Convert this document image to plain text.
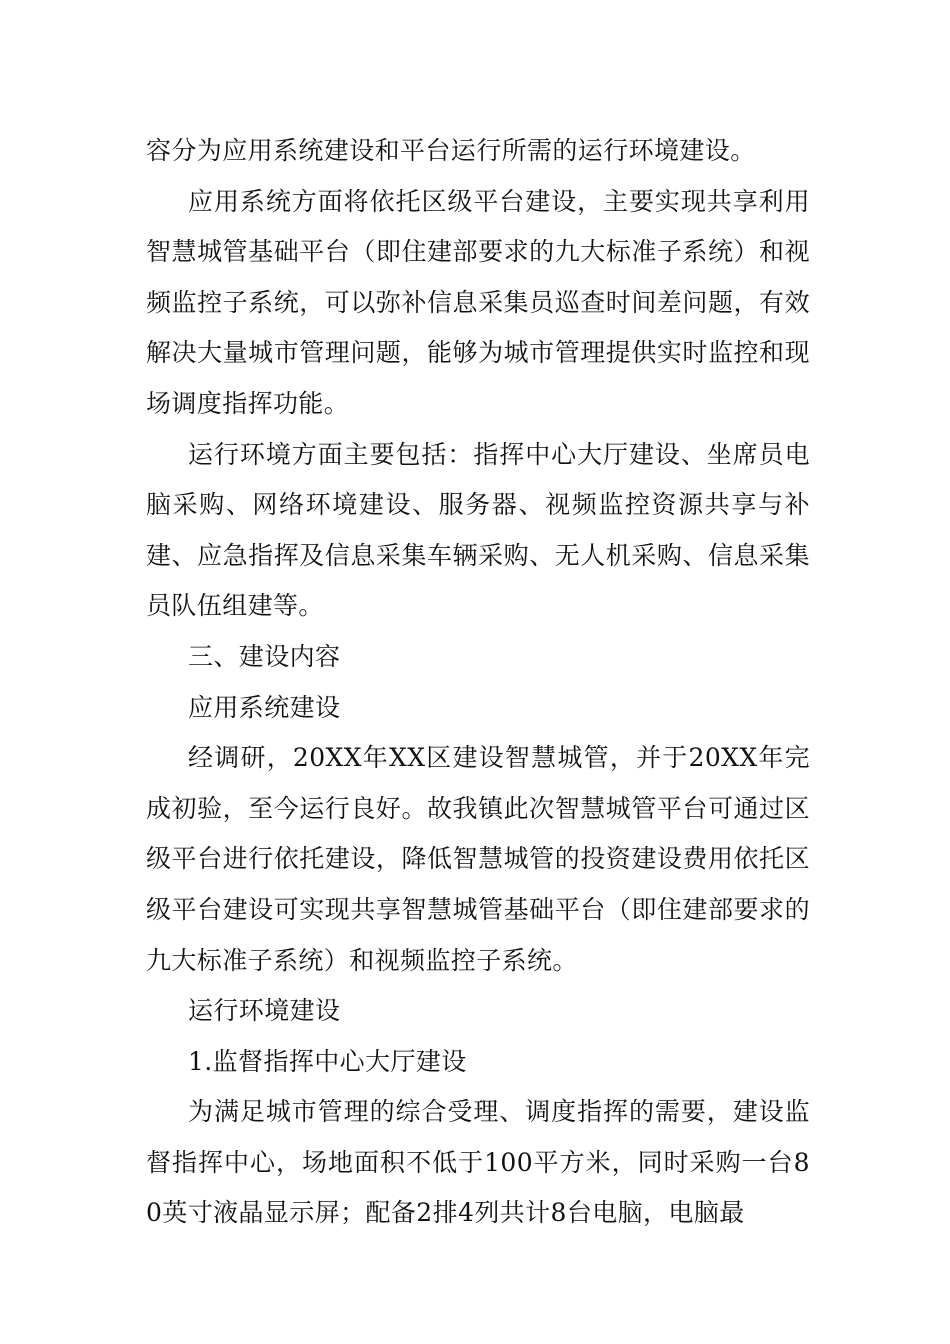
容分为应用系统建设和平台运行所需的运行环境建设。

应用系统方面将依托区级平台建设，主要实现共享利用智慧城管基础平台（即住建部要求的九大标准子系统）和视频监控子系统，可以弥补信息采集员巡查时间差问题，有效解决大量城市管理问题，能够为城市管理提供实时监控和现场调度指挥功能。

运行环境方面主要包括：指挥中心大厅建设、坐席员电脑采购、网络环境建设、服务器、视频监控资源共享与补建、应急指挥及信息采集车辆采购、无人机采购、信息采集员队伍组建等。

三、建设内容

应用系统建设

经调研，20XX年XX区建设智慧城管，并于20XX年完成初验，至今运行良好。故我镇此次智慧城管平台可通过区级平台进行依托建设，降低智慧城管的投资建设费用依托区级平台建设可实现共享智慧城管基础平台（即住建部要求的九大标准子系统）和视频监控子系统。

运行环境建设

1.监督指挥中心大厅建设

为满足城市管理的综合受理、调度指挥的需要，建设监督指挥中心，场地面积不低于100平方米，同时采购一台80英寸液晶显示屏；配备2排4列共计8台电脑，电脑最
